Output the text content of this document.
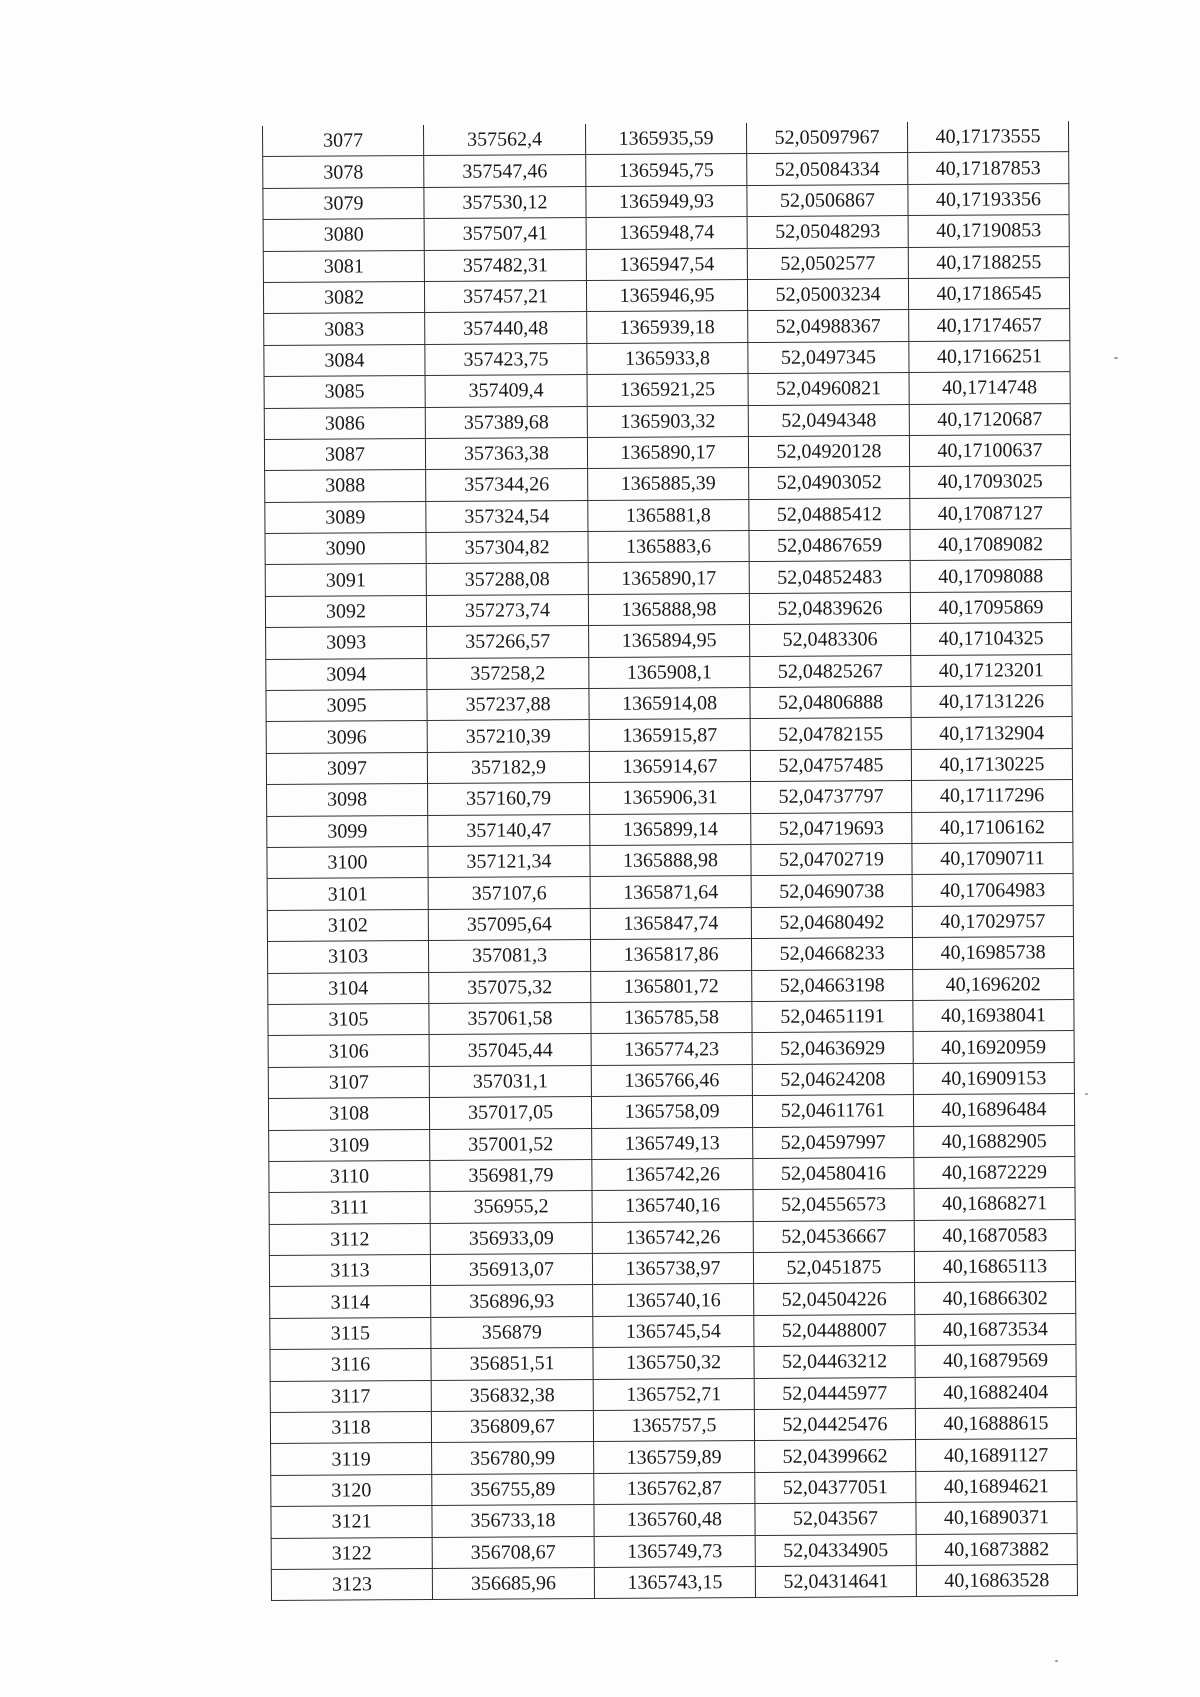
3077	357562,4	1365935,59	52,05097967	40,17173555
3078	357547,46	1365945,75	52,05084334	40,17187853
3079	357530,12	1365949,93	52,0506867	40,17193356
3080	357507,41	1365948,74	52,05048293	40,17190853
3081	357482,31	1365947,54	52,0502577	40,17188255
3082	357457,21	1365946,95	52,05003234	40,17186545
3083	357440,48	1365939,18	52,04988367	40,17174657
3084	357423,75	1365933,8	52,0497345	40,17166251
3085	357409,4	1365921,25	52,04960821	40,1714748
3086	357389,68	1365903,32	52,0494348	40,17120687
3087	357363,38	1365890,17	52,04920128	40,17100637
3088	357344,26	1365885,39	52,04903052	40,17093025
3089	357324,54	1365881,8	52,04885412	40,17087127
3090	357304,82	1365883,6	52,04867659	40,17089082
3091	357288,08	1365890,17	52,04852483	40,17098088
3092	357273,74	1365888,98	52,04839626	40,17095869
3093	357266,57	1365894,95	52,0483306	40,17104325
3094	357258,2	1365908,1	52,04825267	40,17123201
3095	357237,88	1365914,08	52,04806888	40,17131226
3096	357210,39	1365915,87	52,04782155	40,17132904
3097	357182,9	1365914,67	52,04757485	40,17130225
3098	357160,79	1365906,31	52,04737797	40,17117296
3099	357140,47	1365899,14	52,04719693	40,17106162
3100	357121,34	1365888,98	52,04702719	40,17090711
3101	357107,6	1365871,64	52,04690738	40,17064983
3102	357095,64	1365847,74	52,04680492	40,17029757
3103	357081,3	1365817,86	52,04668233	40,16985738
3104	357075,32	1365801,72	52,04663198	40,1696202
3105	357061,58	1365785,58	52,04651191	40,16938041
3106	357045,44	1365774,23	52,04636929	40,16920959
3107	357031,1	1365766,46	52,04624208	40,16909153
3108	357017,05	1365758,09	52,04611761	40,16896484
3109	357001,52	1365749,13	52,04597997	40,16882905
3110	356981,79	1365742,26	52,04580416	40,16872229
3111	356955,2	1365740,16	52,04556573	40,16868271
3112	356933,09	1365742,26	52,04536667	40,16870583
3113	356913,07	1365738,97	52,0451875	40,16865113
3114	356896,93	1365740,16	52,04504226	40,16866302
3115	356879	1365745,54	52,04488007	40,16873534
3116	356851,51	1365750,32	52,04463212	40,16879569
3117	356832,38	1365752,71	52,04445977	40,16882404
3118	356809,67	1365757,5	52,04425476	40,16888615
3119	356780,99	1365759,89	52,04399662	40,16891127
3120	356755,89	1365762,87	52,04377051	40,16894621
3121	356733,18	1365760,48	52,043567	40,16890371
3122	356708,67	1365749,73	52,04334905	40,16873882
3123	356685,96	1365743,15	52,04314641	40,16863528
